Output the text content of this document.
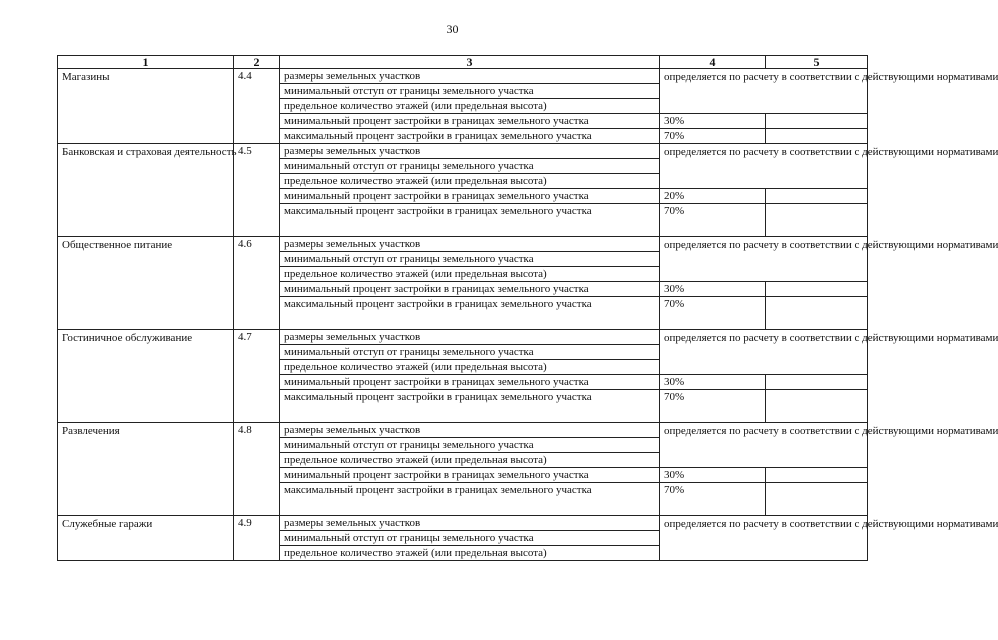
30
1	2	3	4	5
Магазины	4.4	размеры земельных участков	определяется по расчету в соответствии с действующими нормативами	
		минимальный отступ от границы земельного участка		
		предельное количество этажей (или предельная высота)		
		минимальный процент застройки в границах земельного участка	30%	
		максимальный процент застройки в границах земельного участка	70%	
Банковская и страховая деятельность	4.5	размеры земельных участков	определяется по расчету в соответствии с действующими нормативами	
		минимальный отступ от границы земельного участка		
		предельное количество этажей (или предельная высота)		
		минимальный процент застройки в границах земельного участка	20%	
		максимальный процент застройки в границах земельного участка	70%	
Общественное питание	4.6	размеры земельных участков	определяется по расчету в соответствии с действующими нормативами	
		минимальный отступ от границы земельного участка		
		предельное количество этажей (или предельная высота)		
		минимальный процент застройки в границах земельного участка	30%	
		максимальный процент застройки в границах земельного участка	70%	
Гостиничное обслуживание	4.7	размеры земельных участков	определяется по расчету в соответствии с действующими нормативами	
		минимальный отступ от границы земельного участка		
		предельное количество этажей (или предельная высота)		
		минимальный процент застройки в границах земельного участка	30%	
		максимальный процент застройки в границах земельного участка	70%	
Развлечения	4.8	размеры земельных участков	определяется по расчету в соответствии с действующими нормативами	
		минимальный отступ от границы земельного участка		
		предельное количество этажей (или предельная высота)		
		минимальный процент застройки в границах земельного участка	30%	
		максимальный процент застройки в границах земельного участка	70%	
Служебные гаражи	4.9	размеры земельных участков	определяется по расчету в соответствии с действующими нормативами	
		минимальный отступ от границы земельного участка		
		предельное количество этажей (или предельная высота)		
